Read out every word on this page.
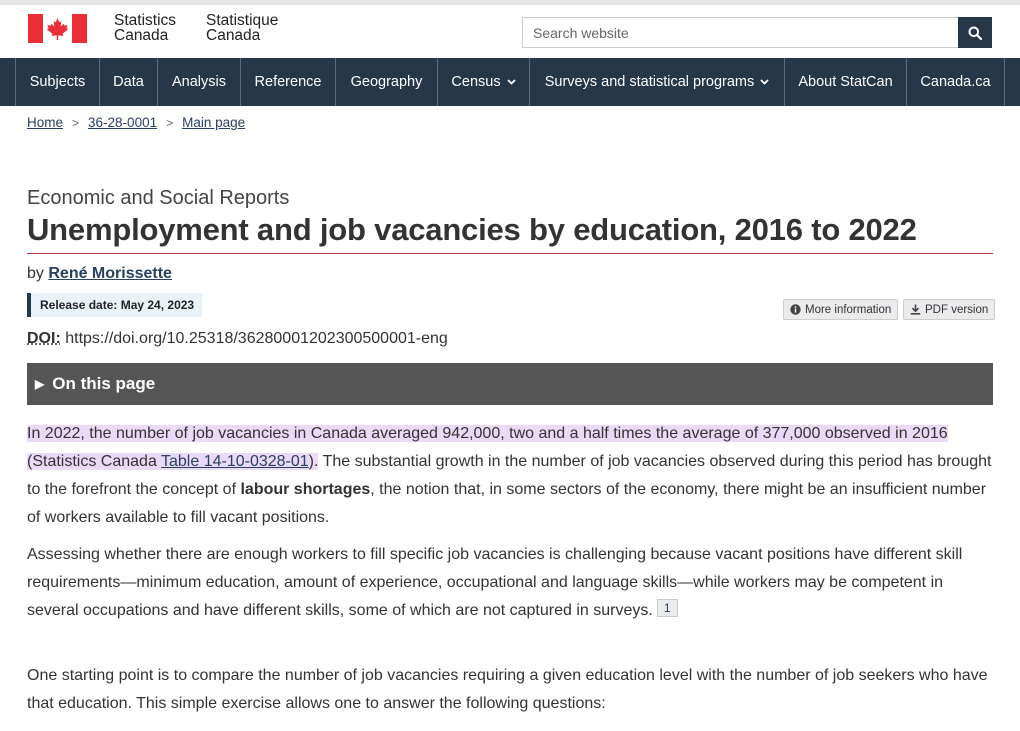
Statistics
Canada
Statistique
Canada
Search website
Subjects Data Analysis Reference Geography Census	Surveys and statistical programs	About StatCan Canada.ca
Home > 36-28-0001 > Main page
Economic and Social Reports
Unemployment and job vacancies by education, 2016 to 2022
by René Morissette
Release date: May 24, 2023	More information	PDF version
DOI: https://doi.org/10.25318/36280001202300500001-eng
▶ On this page

In 2022, the number of job vacancies in Canada averaged 942,000, two and a half times the average of 377,000 observed in 2016 (Statistics Canada Table 14-10-0328-01). The substantial growth in the number of job vacancies observed during this period has brought to the forefront the concept of labour shortages, the notion that, in some sectors of the economy, there might be an insufficient number of workers available to fill vacant positions.

Assessing whether there are enough workers to fill specific job vacancies is challenging because vacant positions have different skill requirements—minimum education, amount of experience, occupational and language skills—while workers may be competent in several occupations and have different skills, some of which are not captured in surveys. 1

One starting point is to compare the number of job vacancies requiring a given education level with the number of job seekers who have that education. This simple exercise allows one to answer the following questions:
